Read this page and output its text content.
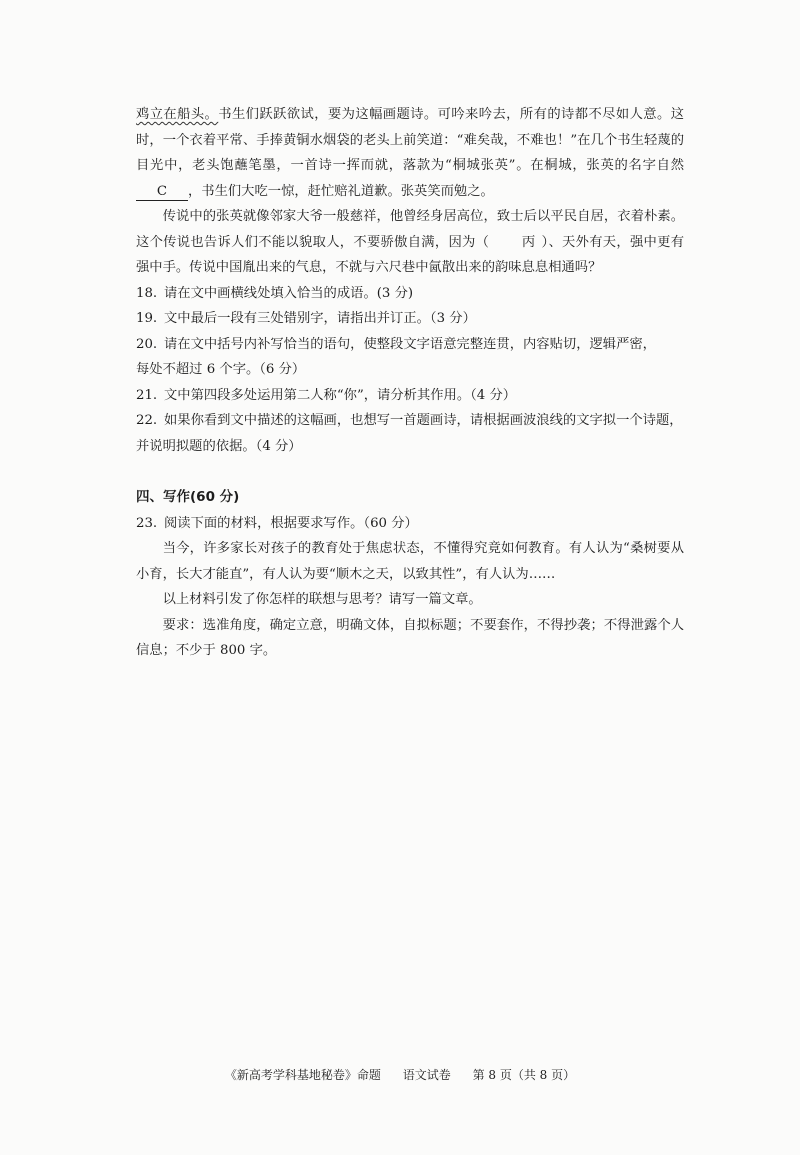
鸡立在船头。书生们跃跃欲试，要为这幅画题诗。可吟来吟去，所有的诗都不尽如人意。这时，一个衣着平常、手捧黄铜水烟袋的老头上前笑道：“难矣哉，不难也！”在几个书生轻蔑的目光中，老头饱蘸笔墨，一首诗一挥而就，落款为“桐城张英”。在桐城，张英的名字自然C ，书生们大吃一惊，赶忙赔礼道歉。张英笑而勉之。

传说中的张英就像邻家大爷一般慈祥，他曾经身居高位，致士后以平民自居，衣着朴素。这个传说也告诉人们不能以貌取人，不要骄傲自满，因为（ 丙 ）、天外有天，强中更有强中手。传说中国胤出来的气息，不就与六尺巷中氤散出来的韵味息息相通吗？

18. 请在文中画横线处填入恰当的成语。(3 分)

19. 文中最后一段有三处错别字，请指出并订正。（3 分）

20. 请在文中括号内补写恰当的语句，使整段文字语意完整连贯，内容贴切，逻辑严密，

每处不超过 6 个字。（6 分）

21. 文中第四段多处运用第二人称“你”，请分析其作用。（4 分）

22. 如果你看到文中描述的这幅画，也想写一首题画诗，请根据画波浪线的文字拟一个诗题，

并说明拟题的依据。（4 分）

四、写作(60 分)

23. 阅读下面的材料，根据要求写作。（60 分）

当今，许多家长对孩子的教育处于焦虑状态，不懂得究竟如何教育。有人认为“桑树要从小育，长大才能直”，有人认为要“顺木之天，以致其性”，有人认为……

以上材料引发了你怎样的联想与思考？请写一篇文章。

要求：选准角度，确定立意，明确文体，自拟标题；不要套作，不得抄袭；不得泄露个人信息；不少于 800 字。

《新高考学科基地秘卷》命题 语文试卷 第 8 页（共 8 页）
